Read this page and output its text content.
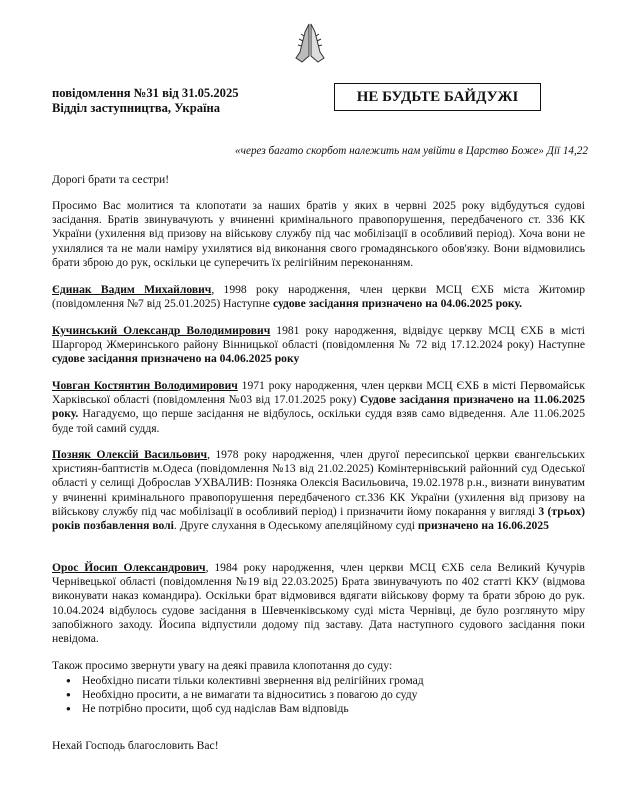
повідомлення №31 від 31.05.2025
Відділ заступництва, Україна
НЕ БУДЬТЕ БАЙДУЖІ
«через багато скорбот належить нам увійти в Царство Боже» Дії 14,22
Дорогі брати та сестри!
Просимо Вас молитися та клопотати за наших братів у яких в червні 2025 року відбудуться судові засідання. Братів звинувачують у вчиненні кримінального правопорушення, передбаченого ст. 336 КК України (ухилення від призову на військову службу під час мобілізації в особливий період). Хоча вони не ухилялися та не мали наміру ухилятися від виконання свого громадянського обов'язку. Вони відмовились брати зброю до рук, оскільки це суперечить їх релігійним переконанням.
Єдинак Вадим Михайлович, 1998 року народження, член церкви МСЦ ЄХБ міста Житомир (повідомлення №7 від 25.01.2025) Наступне судове засідання призначено на 04.06.2025 року.
Кучинський Олександр Володимирович 1981 року народження, відвідує церкву МСЦ ЄХБ в місті Шаргород Жмеринського району Вінницької області (повідомлення № 72 від 17.12.2024 року) Наступне судове засідання призначено на 04.06.2025 року
Човган Костянтин Володимирович 1971 року народження, член церкви МСЦ ЄХБ в місті Первомайськ Харківської області (повідомлення №03 від 17.01.2025 року) Судове засідання призначено на 11.06.2025 року. Нагадуємо, що перше засідання не відбулось, оскільки суддя взяв само відведення. Але 11.06.2025 буде той самий суддя.
Позняк Олексій Васильович, 1978 року народження, член другої пересипської церкви євангельських християн-баптистів м.Одеса (повідомлення №13 від 21.02.2025) Комінтернівський районний суд Одеської області у селищі Доброслав УХВАЛИВ: Позняка Олексія Васильовича, 19.02.1978 р.н., визнати винуватим у вчиненні кримінального правопорушення передбаченого ст.336 КК України (ухилення від призову на військову службу під час мобілізації в особливий період) і призначити йому покарання у вигляді 3 (трьох) років позбавлення волі. Друге слухання в Одеському апеляційному суді призначено на 16.06.2025
Орос Йосип Олександрович, 1984 року народження, член церкви МСЦ ЄХБ села Великий Кучурів Чернівецької області (повідомлення №19 від 22.03.2025) Брата звинувачують по 402 статті ККУ (відмова виконувати наказ командира). Оскільки брат відмовився вдягати військову форму та брати зброю до рук. 10.04.2024 відбулось судове засідання в Шевченківському суді міста Чернівці, де було розглянуто міру запобіжного заходу. Йосипа відпустили додому під заставу. Дата наступного судового засідання поки невідома.
Також просимо звернути увагу на деякі правила клопотання до суду:
● Необхідно писати тільки колективні звернення від релігійних громад
● Необхідно просити, а не вимагати та відноситись з повагою до суду
● Не потрібно просити, щоб суд надіслав Вам відповідь
Нехай Господь благословить Вас!
